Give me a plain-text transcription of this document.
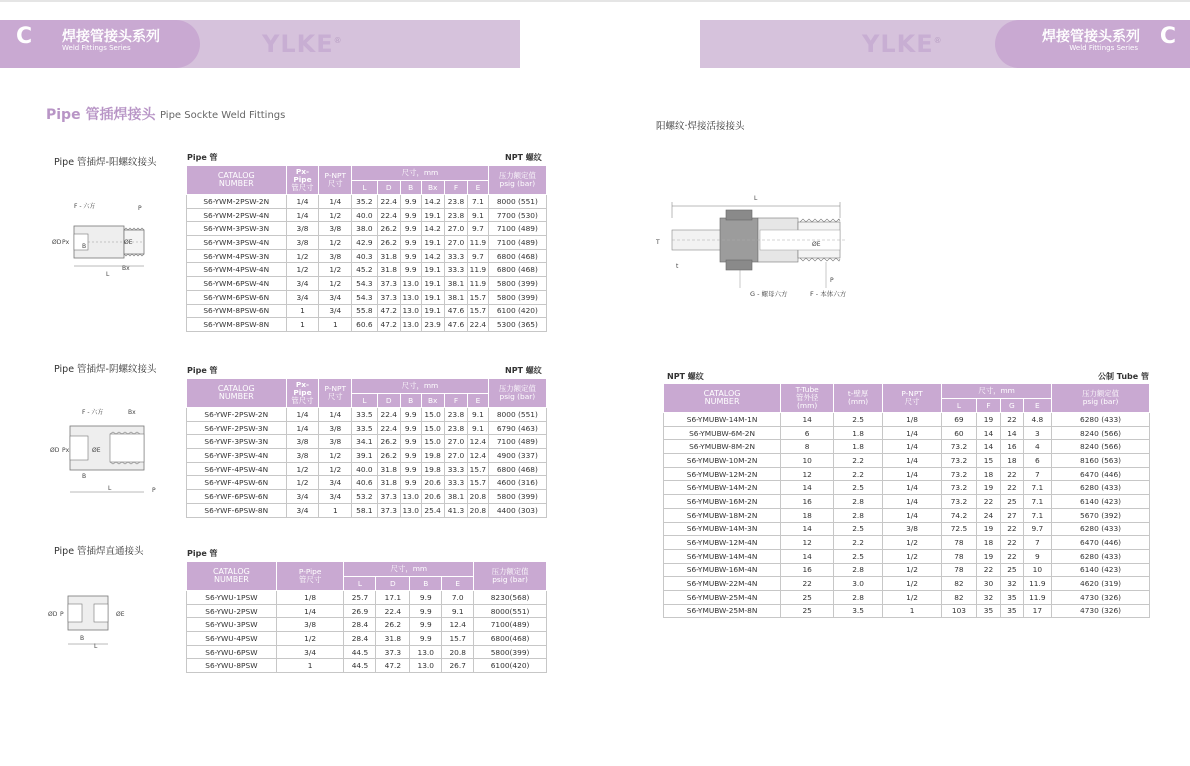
C 焊接管接头系列
Weld Fittings Series	YLKE®	YLKE®	焊接管接头系列
Weld Fittings Series C
Pipe 管插焊接头 Pipe Sockte Weld Fittings
Pipe 管插焊-阳螺纹接头	Pipe 管	NPT 螺纹
F - 六方	P
ØD Px
B
ØE
Bx
L
CATALOG
NUMBER	Px-Pipe
管尺寸	P-NPT
尺寸	尺寸，mm						压力额定值
psig (bar)
			L	D	B	Bx	F	E	
S6-YWM-2PSW-2N	1/4	1/4	35.2	22.4	9.9	14.2	23.8	7.1	8000 (551)
S6-YWM-2PSW-4N	1/4	1/2	40.0	22.4	9.9	19.1	23.8	9.1	7700 (530)
S6-YWM-3PSW-3N	3/8	3/8	38.0	26.2	9.9	14.2	27.0	9.7	7100 (489)
S6-YWM-3PSW-4N	3/8	1/2	42.9	26.2	9.9	19.1	27.0	11.9	7100 (489)
S6-YWM-4PSW-3N	1/2	3/8	40.3	31.8	9.9	14.2	33.3	9.7	6800 (468)
S6-YWM-4PSW-4N	1/2	1/2	45.2	31.8	9.9	19.1	33.3	11.9	6800 (468)
S6-YWM-6PSW-4N	3/4	1/2	54.3	37.3	13.0	19.1	38.1	11.9	5800 (399)
S6-YWM-6PSW-6N	3/4	3/4	54.3	37.3	13.0	19.1	38.1	15.7	5800 (399)
S6-YWM-8PSW-6N	1	3/4	55.8	47.2	13.0	19.1	47.6	15.7	6100 (420)
S6-YWM-8PSW-8N	1	1	60.6	47.2	13.0	23.9	47.6	22.4	5300 (365)
Pipe 管插焊-阴螺纹接头	Pipe 管	NPT 螺纹
F - 六方	Bx
ØD Px	ØE
B
L	P
CATALOG
NUMBER	Px-Pipe
管尺寸	P-NPT
尺寸	尺寸，mm						压力额定值
psig (bar)
			L	D	B	Bx	F	E	
S6-YWF-2PSW-2N	1/4	1/4	33.5	22.4	9.9	15.0	23.8	9.1	8000 (551)
S6-YWF-2PSW-3N	1/4	3/8	33.5	22.4	9.9	15.0	23.8	9.1	6790 (463)
S6-YWF-3PSW-3N	3/8	3/8	34.1	26.2	9.9	15.0	27.0	12.4	7100 (489)
S6-YWF-3PSW-4N	3/8	1/2	39.1	26.2	9.9	19.8	27.0	12.4	4900 (337)
S6-YWF-4PSW-4N	1/2	1/2	40.0	31.8	9.9	19.8	33.3	15.7	6800 (468)
S6-YWF-4PSW-6N	1/2	3/4	40.6	31.8	9.9	20.6	33.3	15.7	4600 (316)
S6-YWF-6PSW-6N	3/4	3/4	53.2	37.3	13.0	20.6	38.1	20.8	5800 (399)
S6-YWF-6PSW-8N	3/4	1	58.1	37.3	13.0	25.4	41.3	20.8	4400 (303)
Pipe 管插焊直通接头	Pipe 管
ØD P	ØE
B
L
CATALOG
NUMBER	P-Pipe
管尺寸	尺寸，mm				压力额定值
psig (bar)
		L	D	B	E	
S6-YWU-1PSW	1/8	25.7	17.1	9.9	7.0	8230(568)
S6-YWU-2PSW	1/4	26.9	22.4	9.9	9.1	8000(551)
S6-YWU-3PSW	3/8	28.4	26.2	9.9	12.4	7100(489)
S6-YWU-4PSW	1/2	28.4	31.8	9.9	15.7	6800(468)
S6-YWU-6PSW	3/4	44.5	37.3	13.0	20.8	5800(399)
S6-YWU-8PSW	1	44.5	47.2	13.0	26.7	6100(420)
阳螺纹·焊接活接接头
L
T
t
ØE
P
G - 螺母六方	F - 本体六方
NPT 螺纹	公制 Tube 管
CATALOG
NUMBER	T-Tube
管外径
(mm)	t-壁厚
(mm)	P-NPT
尺寸	尺寸，mm				压力额定值
psig (bar)
				L	F	G	E	
S6-YMUBW-14M-1N	14	2.5	1/8	69	19	22	4.8	6280 (433)
S6-YMUBW-6M-2N	6	1.8	1/4	60	14	14	3	8240 (566)
S6-YMUBW-8M-2N	8	1.8	1/4	73.2	14	16	4	8240 (566)
S6-YMUBW-10M-2N	10	2.2	1/4	73.2	15	18	6	8160 (563)
S6-YMUBW-12M-2N	12	2.2	1/4	73.2	18	22	7	6470 (446)
S6-YMUBW-14M-2N	14	2.5	1/4	73.2	19	22	7.1	6280 (433)
S6-YMUBW-16M-2N	16	2.8	1/4	73.2	22	25	7.1	6140 (423)
S6-YMUBW-18M-2N	18	2.8	1/4	74.2	24	27	7.1	5670 (392)
S6-YMUBW-14M-3N	14	2.5	3/8	72.5	19	22	9.7	6280 (433)
S6-YMUBW-12M-4N	12	2.2	1/2	78	18	22	7	6470 (446)
S6-YMUBW-14M-4N	14	2.5	1/2	78	19	22	9	6280 (433)
S6-YMUBW-16M-4N	16	2.8	1/2	78	22	25	10	6140 (423)
S6-YMUBW-22M-4N	22	3.0	1/2	82	30	32	11.9	4620 (319)
S6-YMUBW-25M-4N	25	2.8	1/2	82	32	35	11.9	4730 (326)
S6-YMUBW-25M-8N	25	3.5	1	103	35	35	17	4730 (326)
